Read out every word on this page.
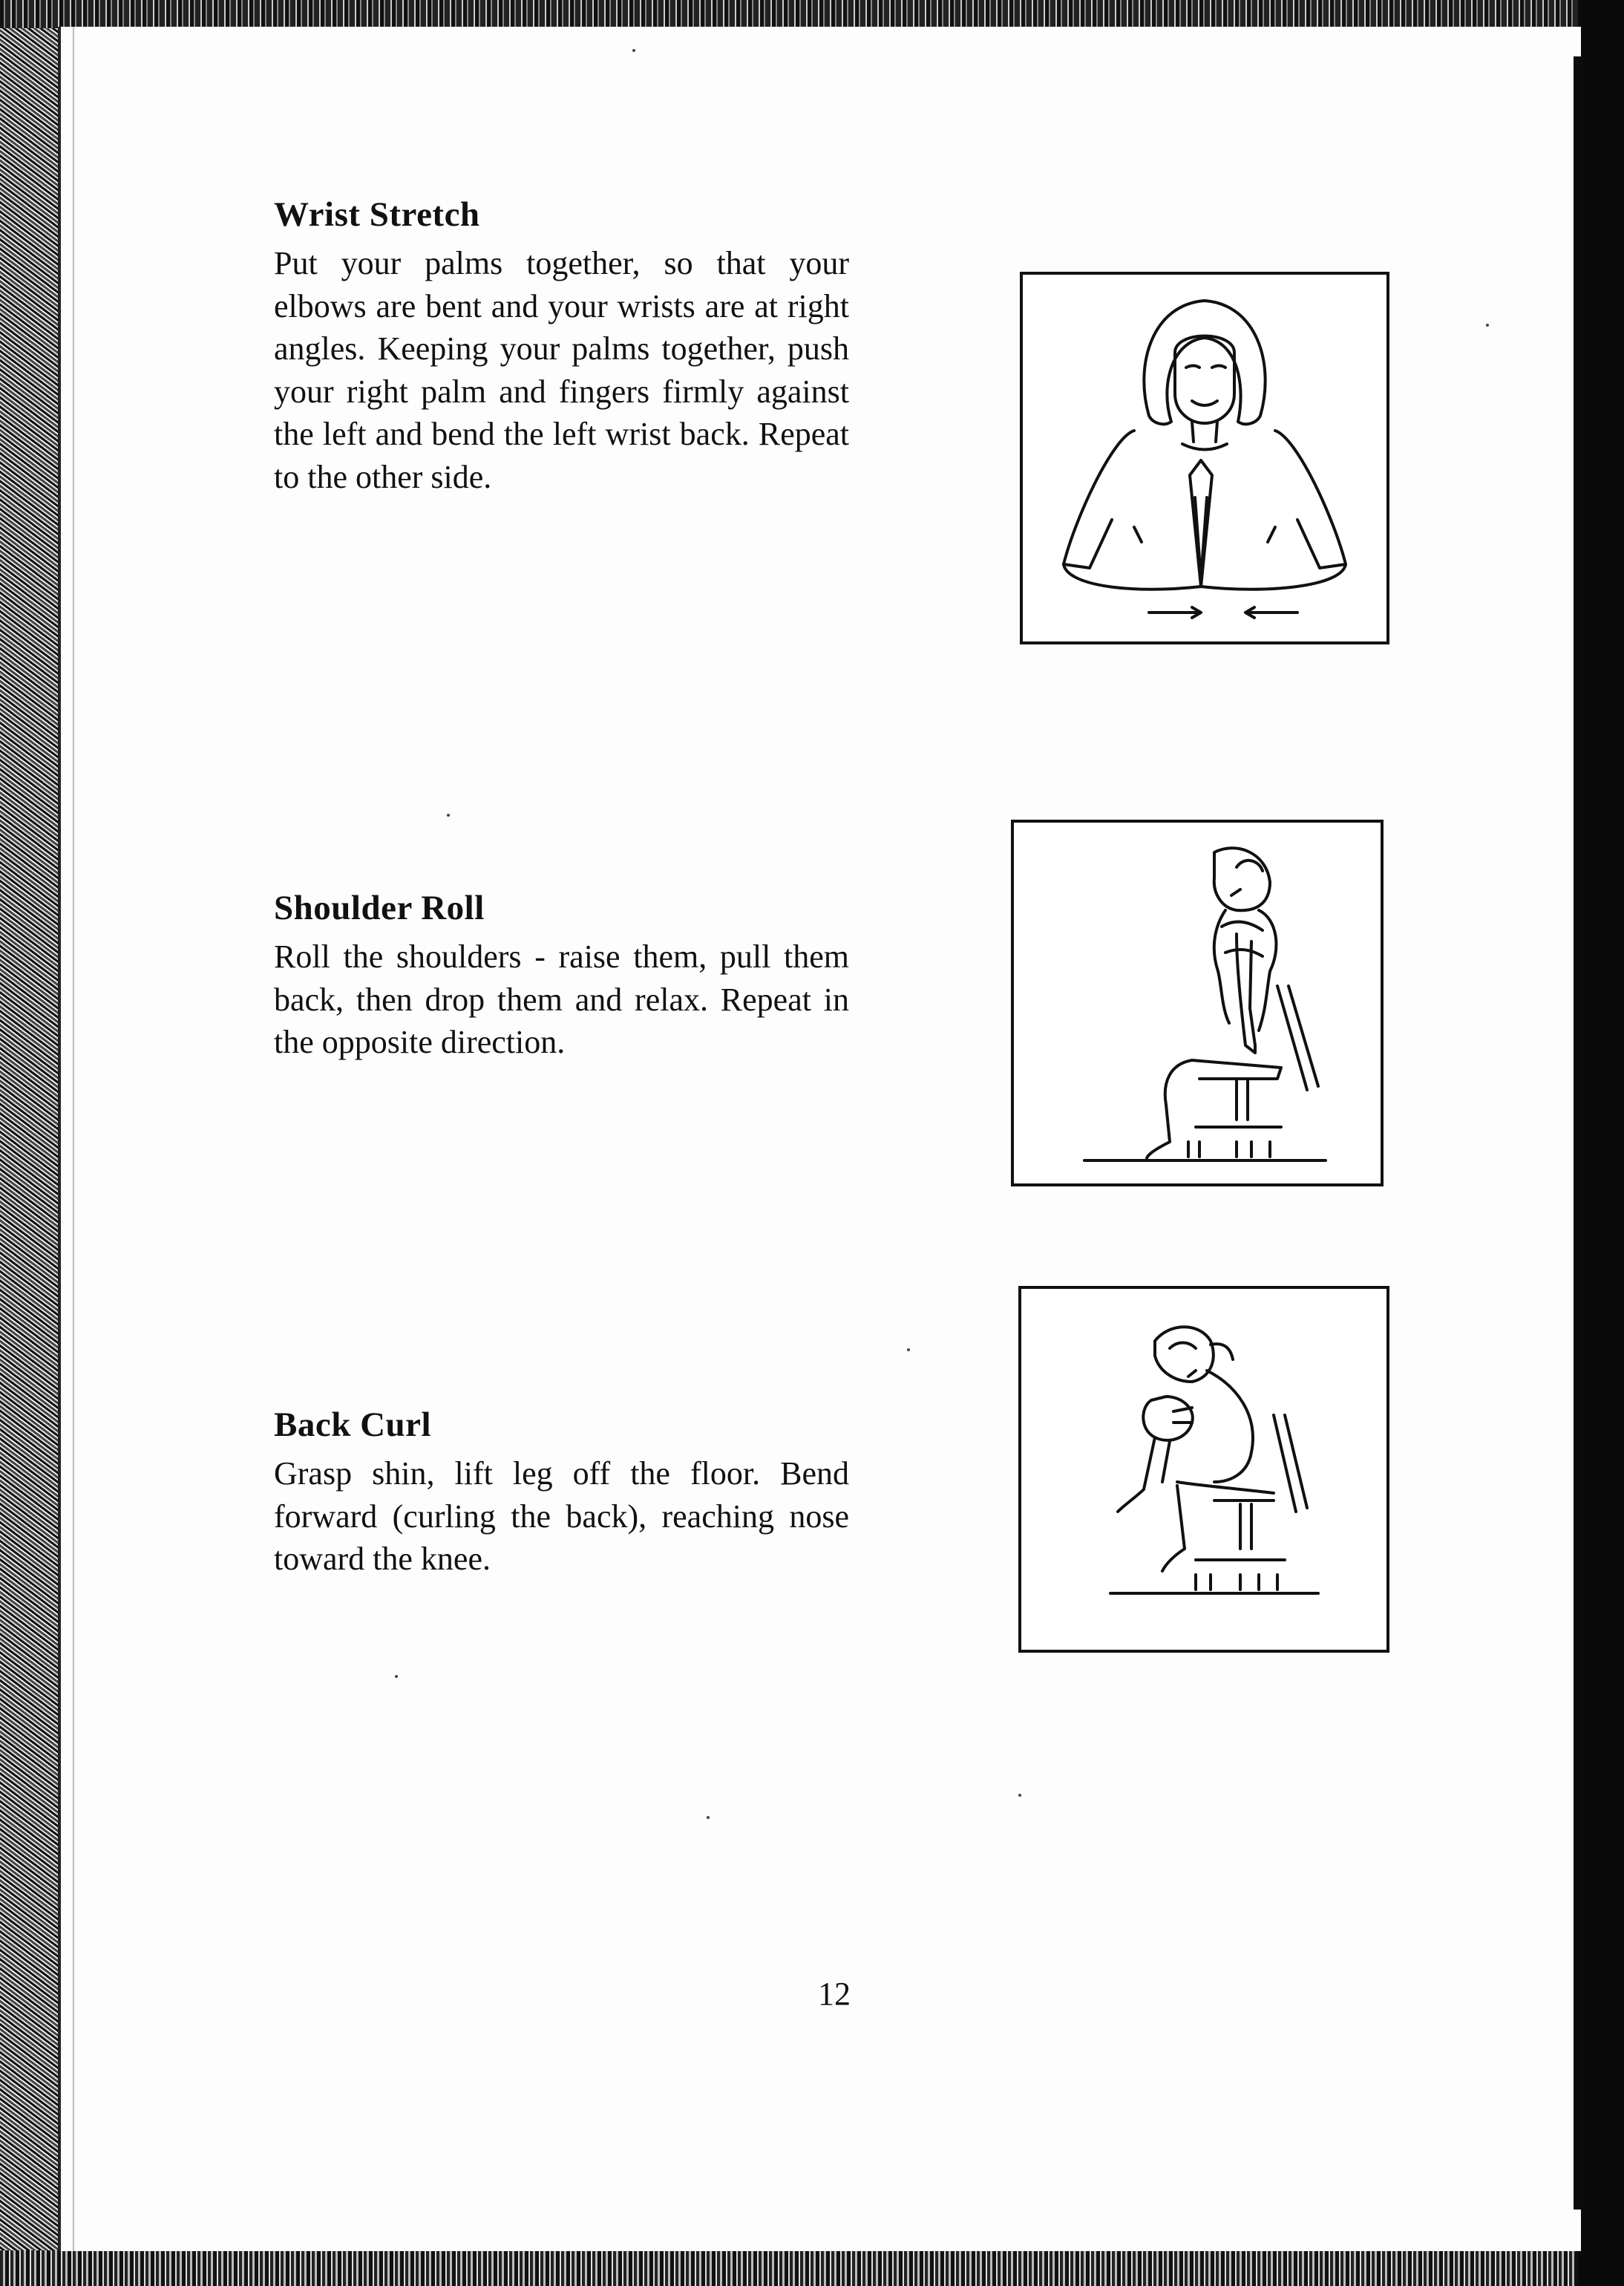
Wrist Stretch
Put your palms together, so that your elbows are bent and your wrists are at right angles. Keeping your palms together, push your right palm and fingers firmly against the left and bend the left wrist back. Repeat to the other side.
Shoulder Roll
Roll the shoulders - raise them, pull them back, then drop them and relax. Repeat in the opposite direction.
Back Curl
Grasp shin, lift leg off the floor. Bend forward (curling the back), reaching nose toward the knee.
12
